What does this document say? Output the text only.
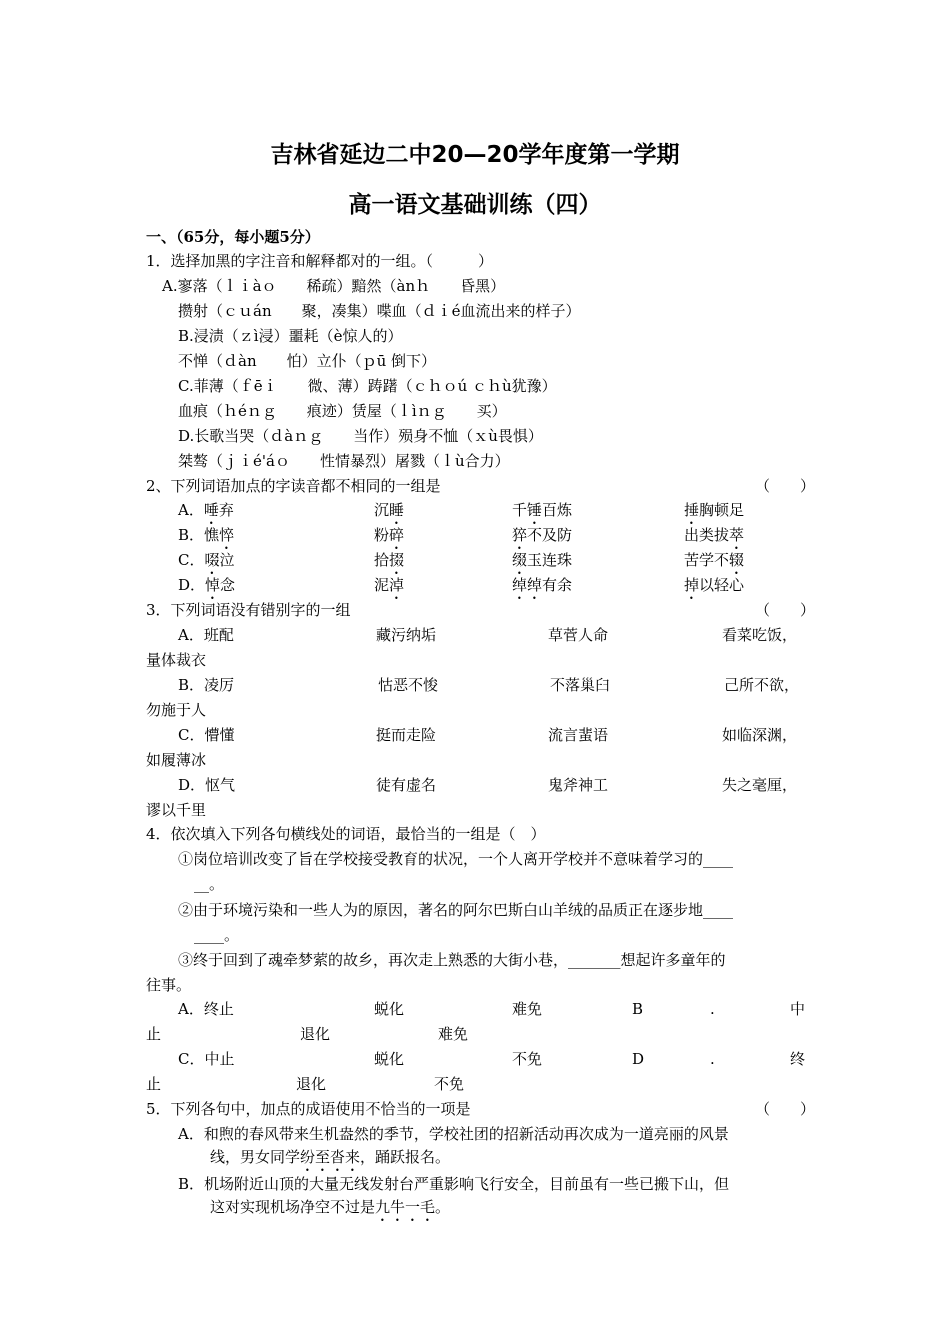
吉林省延边二中20—20学年度第一学期
高一语文基础训练（四）
一、（65分，每小题5分）
1．选择加黑的字注音和解释都对的一组。（　　　）
A.寥落（ｌｉàｏ　　稀疏）黯然（ànｈ　　昏黑）
攒射（ｃｕán　　聚，凑集）喋血（ｄｉé血流出来的样子）
B.浸渍（ｚì浸）噩耗（è惊人的）
不惮（ｄàn　　怕）立仆（ｐū 倒下）
C.菲薄（ｆēｉ　　微、薄）踌躇（ｃｈｏú ｃｈù犹豫）
血痕（ｈéｎｇ　　痕迹）赁屋（ｌìｎｇ　　买）
D.长歌当哭（ｄàｎｇ　　当作）殒身不恤（ｘù畏惧）
桀骜（ｊｉé'áｏ　　性情暴烈）屠戮（ｌù合力）
2、下列词语加点的字读音都不相同的一组是	（　　）
A．唾弃	沉睡	千锤百炼	捶胸顿足
B．憔悴	粉碎	猝不及防	出类拔萃
C．啜泣	拾掇	缀玉连珠	苦学不辍
D．悼念	泥淖	绰绰有余	掉以轻心
3．下列词语没有错别字的一组	（　　）
A．班配	藏污纳垢	草菅人命	看菜吃饭，
量体裁衣
B．凌厉	怙恶不悛	不落巢臼	己所不欲，
勿施于人
C．懵懂	挺而走险	流言蜚语	如临深渊，
如履薄冰
D．怄气	徒有虚名	鬼斧神工	失之毫厘，
谬以千里
4．依次填入下列各句横线处的词语，最恰当的一组是（　）
①岗位培训改变了旨在学校接受教育的状况，一个人离开学校并不意味着学习的____
__。
②由于环境污染和一些人为的原因，著名的阿尔巴斯白山羊绒的品质正在逐步地____
____。
③终于回到了魂牵梦萦的故乡，再次走上熟悉的大街小巷，_______想起许多童年的
往事。
A．终止	蜕化	难免	B	.	中
止	退化	难免
C．中止	蜕化	不免	D	.	终
止	退化	不免
5．下列各句中，加点的成语使用不恰当的一项是	（　　）
A．和煦的春风带来生机盎然的季节，学校社团的招新活动再次成为一道亮丽的风景
线，男女同学纷至沓来，踊跃报名。
B．机场附近山顶的大量无线发射台严重影响飞行安全，目前虽有一些已搬下山，但
这对实现机场净空不过是九牛一毛。
